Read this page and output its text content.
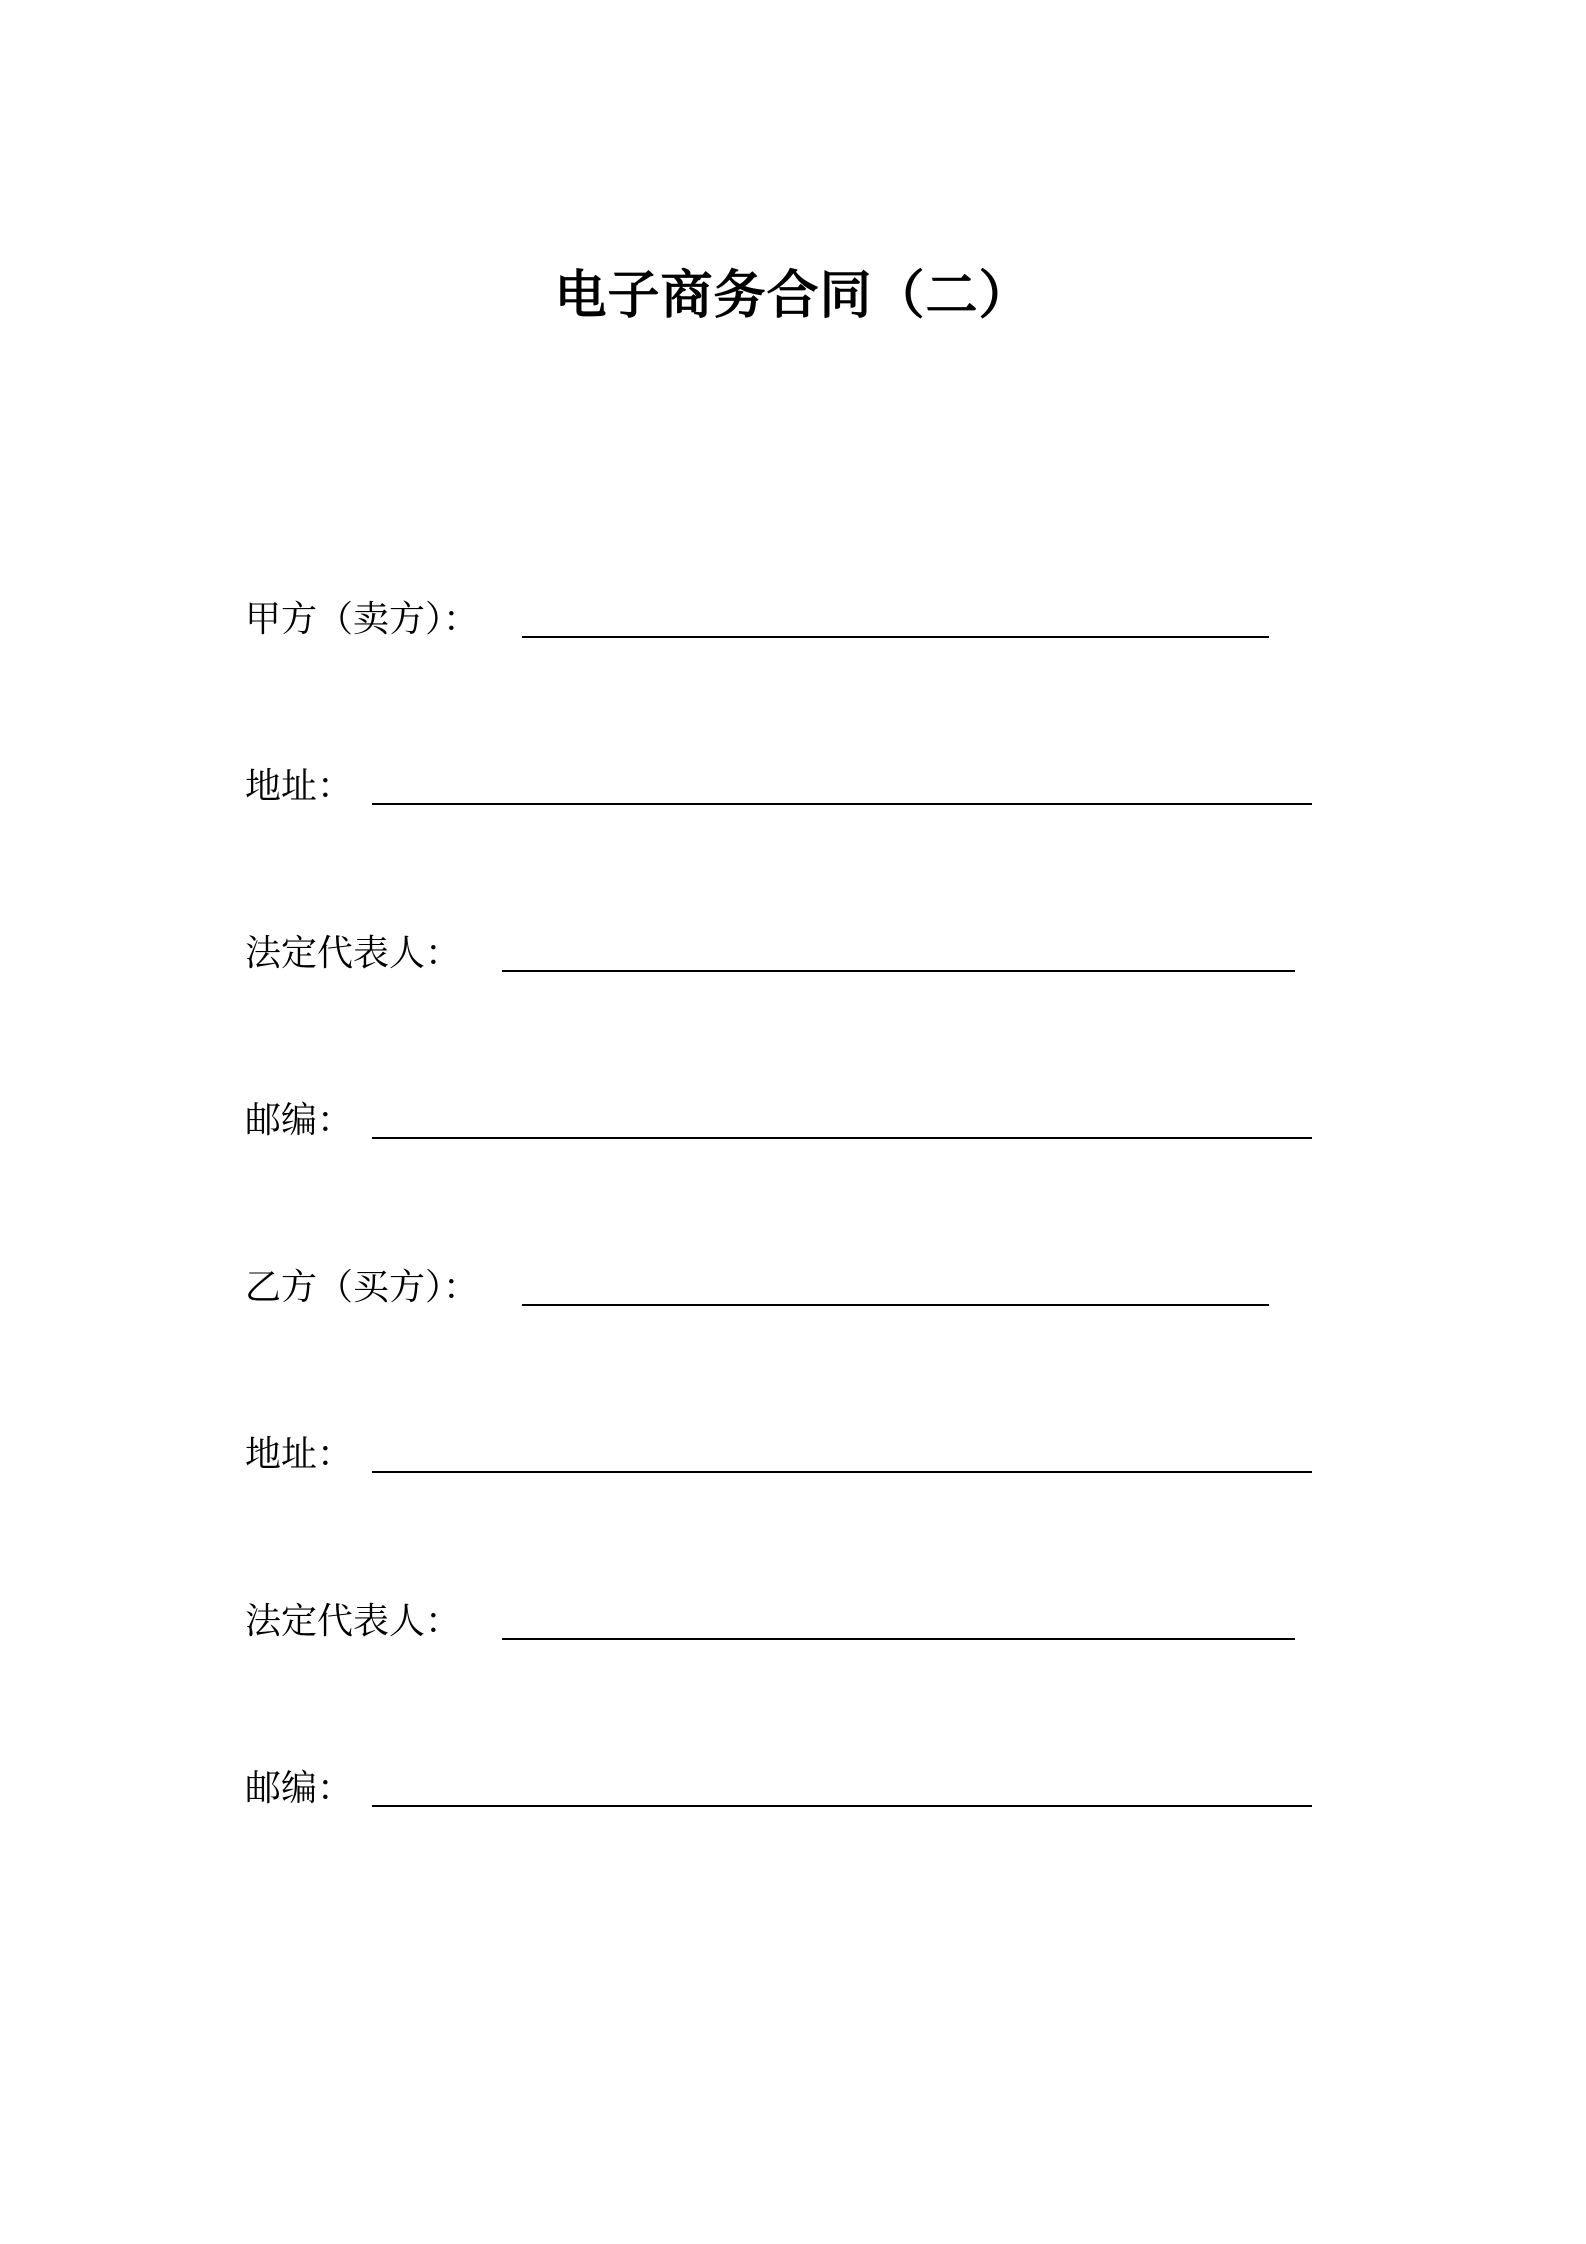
电子商务合同（二）
甲方（卖方）：
地址：
法定代表人：
邮编：
乙方（买方）：
地址：
法定代表人：
邮编：
